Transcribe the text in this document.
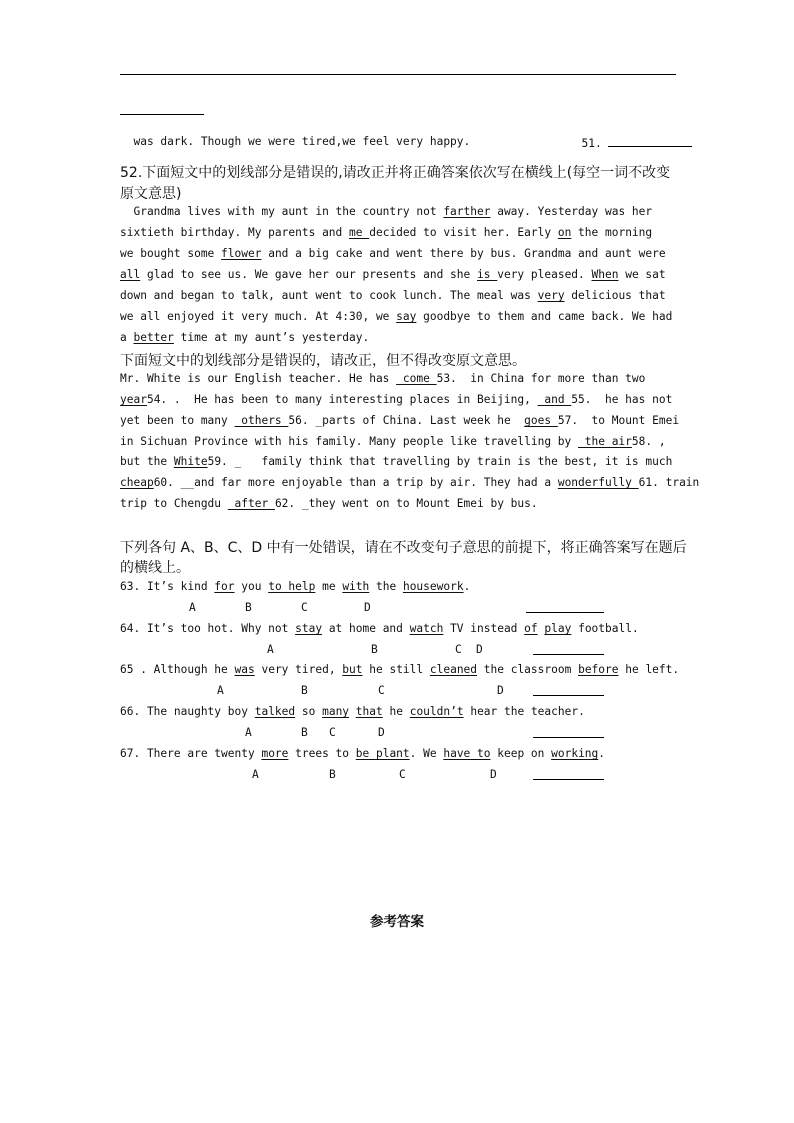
was dark. Though we were tired,we feel very happy.	51.

52.下面短文中的划线部分是错误的,请改正并将正确答案依次写在横线上(每空一词不改变
原文意思)
Grandma lives with my aunt in the country not farther away. Yesterday was her
sixtieth birthday. My parents and me decided to visit her. Early on the morning
we bought some flower and a big cake and went there by bus. Grandma and aunt were
all glad to see us. We gave her our presents and she is very pleased. When we sat
down and began to talk, aunt went to cook lunch. The meal was very delicious that
we all enjoyed it very much. At 4:30, we say goodbye to them and came back. We had
a better time at my aunt’s yesterday.
下面短文中的划线部分是错误的，请改正，但不得改变原文意思。
Mr. White is our English teacher. He has  come 53.  in China for more than two
year54. .  He has been to many interesting places in Beijing,  and 55.  he has not
yet been to many  others 56. _parts of China. Last week he  goes 57.  to Mount Emei
in Sichuan Province with his family. Many people like travelling by  the air58. ,
but the White59. _   family think that travelling by train is the best, it is much
cheap60. __and far more enjoyable than a trip by air. They had a wonderfully 61. train
trip to Chengdu  after 62. _they went on to Mount Emei by bus.
下列各句 A、B、C、D 中有一处错误，请在不改变句子意思的前提下，将正确答案写在题后
的横线上。
63. It’s kind for you to help me with the housework.
A	B	C	D
64. It’s too hot. Why not stay at home and watch TV instead of play football.
A	B	C D
65 . Although he was very tired, but he still cleaned the classroom before he left.
A	B	C	D
66. The naughty boy talked so many that he couldn’t hear the teacher.
A	B C	D
67. There are twenty more trees to be plant. We have to keep on working.
A	B	C	D
参考答案
